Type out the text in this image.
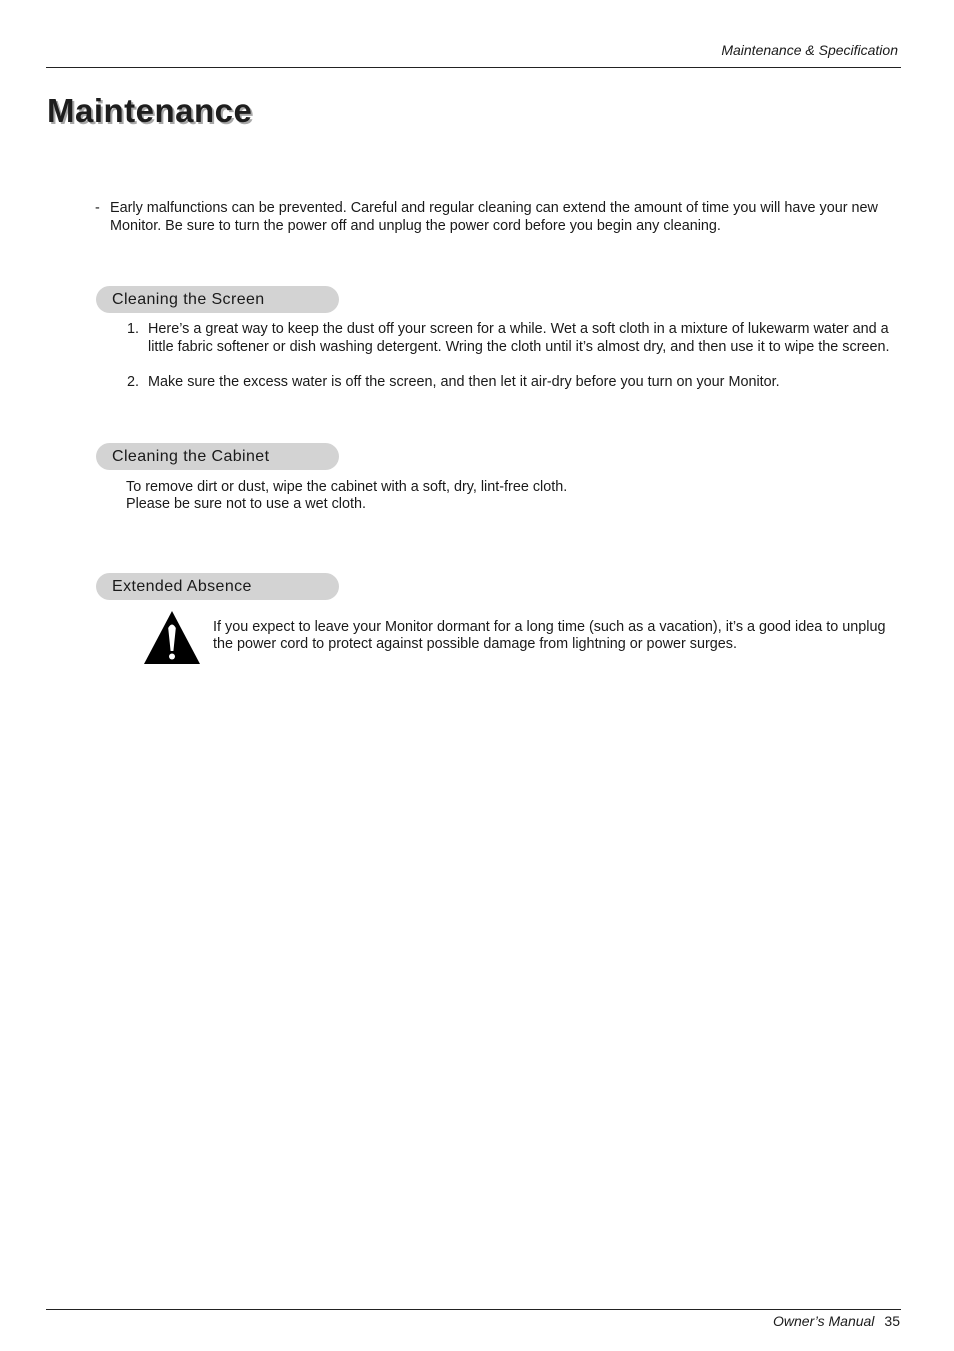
Maintenance & Specification
Maintenance
- Early malfunctions can be prevented. Careful and regular cleaning can extend the amount of time you will have your new Monitor. Be sure to turn the power off and unplug the power cord before you begin any cleaning.
Cleaning the Screen
1. Here’s a great way to keep the dust off your screen for a while. Wet a soft cloth in a mixture of lukewarm water and a little fabric softener or dish washing detergent. Wring the cloth until it’s almost dry, and then use it to wipe the screen.
2. Make sure the excess water is off the screen, and then let it air-dry before you turn on your Monitor.
Cleaning the Cabinet
To remove dirt or dust, wipe the cabinet with a soft, dry, lint-free cloth.
Please be sure not to use a wet cloth.
Extended Absence
If you expect to leave your Monitor dormant for a long time (such as a vacation), it’s a good idea to unplug the power cord to protect against possible damage from lightning or power surges.
Owner’s Manual 35
